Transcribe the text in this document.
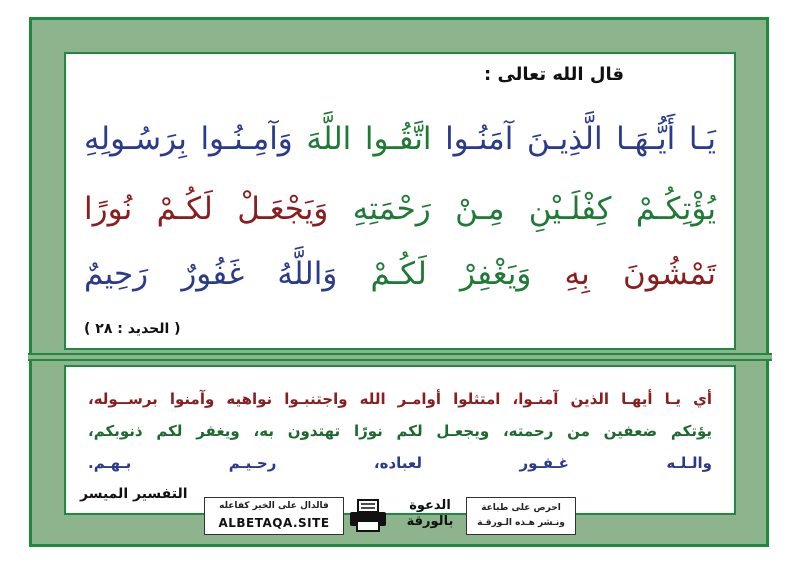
قال الله تعالى :
يَـا أَيُّـهَـا الَّذِيـنَ آمَنُـوا اتَّقُـوا اللَّهَ وَآمِـنُـوا بِرَسُـولِهِ
يُؤْتِكُـمْ كِفْلَـيْنِ مِـنْ رَحْمَتِهِ وَيَجْعَـلْ لَكُـمْ نُورًا
تَمْشُونَ بِهِ وَيَغْفِرْ لَكُـمْ وَاللَّهُ غَفُورٌ رَحِيمٌ
( الحديد : ٢٨ )
أي يـا أيهـا الذين آمنـوا، امتثلوا أوامـر الله واجتنبـوا نواهيه وآمنوا برســوله،
يؤتكم ضعفين من رحمته، ويجعـل لكم نورًا تهتدون به، ويغفر لكم ذنوبكم،
والـلـه غـفـور لعباده، رحـيـم بـهـم.
التفسير الميسر
فالدال على الخير كفاعله
ALBETAQA.SITE
الدعوة
بالورقة
احرص على طباعة
ونـشر هـذه الـورقـة
